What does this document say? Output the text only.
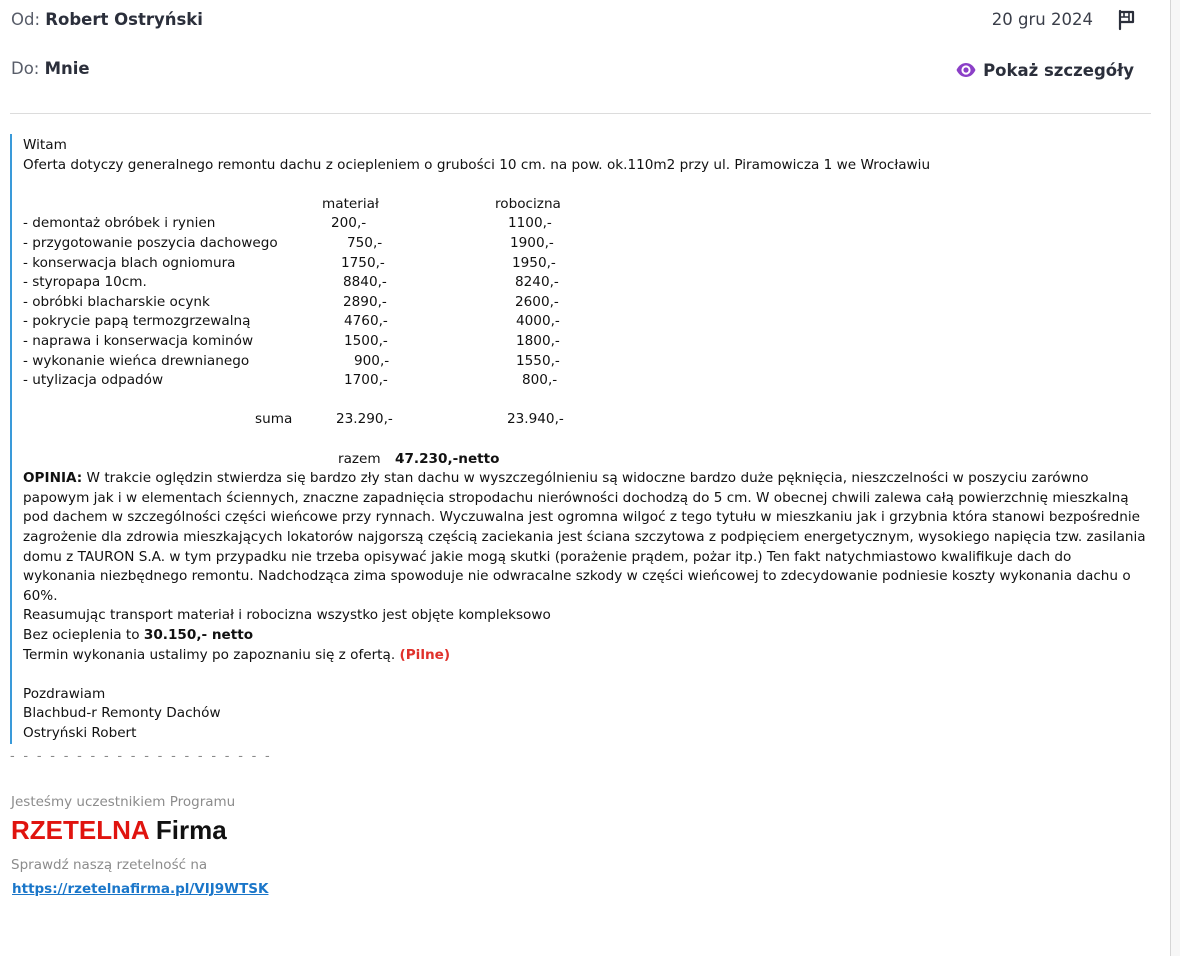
Od: Robert Ostryński	20 gru 2024
Do: Mnie	Pokaż szczegóły
Witam
Oferta dotyczy generalnego remontu dachu z ociepleniem o grubości 10 cm. na pow. ok.110m2 przy ul. Piramowicza 1 we Wrocławiu
materiał	robocizna
- demontaż obróbek i rynien	200,-	1100,-
- przygotowanie poszycia dachowego	750,-	1900,-
- konserwacja blach ogniomura	1750,-	1950,-
- styropapa 10cm.	8840,-	8240,-
- obróbki blacharskie ocynk	2890,-	2600,-
- pokrycie papą termozgrzewalną	4760,-	4000,-
- naprawa i konserwacja kominów	1500,-	1800,-
- wykonanie wieńca drewnianego	900,-	1550,-
- utylizacja odpadów	1700,-	800,-
suma	23.290,-	23.940,-
razem 47.230,-netto
OPINIA: W trakcie oględzin stwierdza się bardzo zły stan dachu w wyszczególnieniu są widoczne bardzo duże pęknięcia, nieszczelności w poszyciu zarówno papowym jak i w elementach ściennych, znaczne zapadnięcia stropodachu nierówności dochodzą do 5 cm. W obecnej chwili zalewa całą powierzchnię mieszkalną pod dachem w szczególności części wieńcowe przy rynnach. Wyczuwalna jest ogromna wilgoć z tego tytułu w mieszkaniu jak i grzybnia która stanowi bezpośrednie zagrożenie dla zdrowia mieszkających lokatorów najgorszą częścią zaciekania jest ściana szczytowa z podpięciem energetycznym, wysokiego napięcia tzw. zasilania domu z TAURON S.A. w tym przypadku nie trzeba opisywać jakie mogą skutki (porażenie prądem, pożar itp.) Ten fakt natychmiastowo kwalifikuje dach do wykonania niezbędnego remontu. Nadchodząca zima spowoduje nie odwracalne szkody w części wieńcowej to zdecydowanie podniesie koszty wykonania dachu o 60%.
Reasumując transport materiał i robocizna wszystko jest objęte kompleksowo
Bez ocieplenia to 30.150,- netto
Termin wykonania ustalimy po zapoznaniu się z ofertą. (Pilne)
Pozdrawiam
Blachbud-r Remonty Dachów
Ostryński Robert
- - - - - - - - - - - - - - - - - - - -
Jesteśmy uczestnikiem Programu
RZETELNA Firma
Sprawdź naszą rzetelność na
https://rzetelnafirma.pl/VIJ9WTSK
